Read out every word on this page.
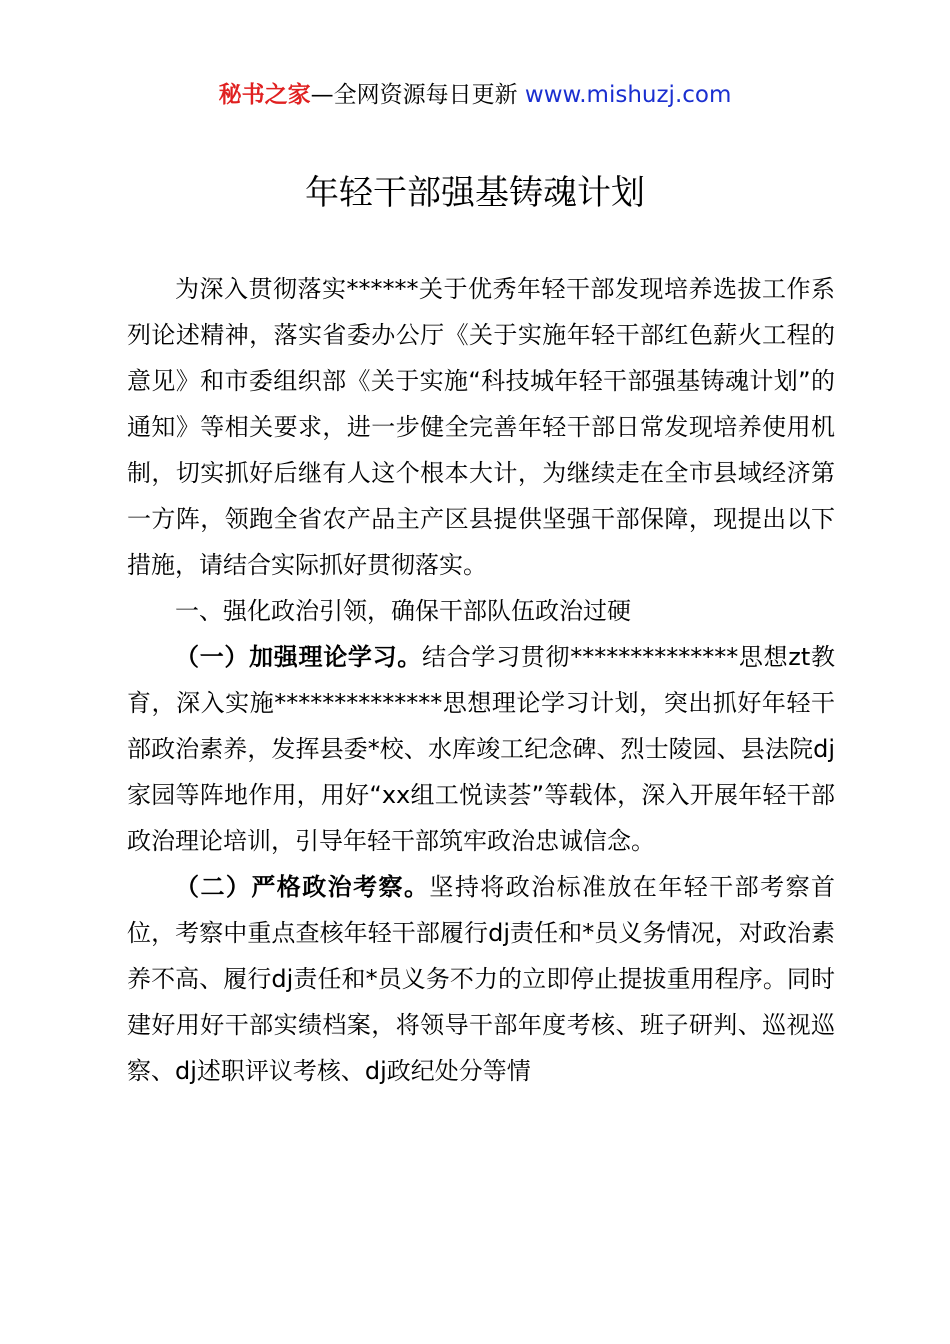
秘书之家—全网资源每日更新 www.mishuzj.com
年轻干部强基铸魂计划

为深入贯彻落实******关于优秀年轻干部发现培养选拔工作系列论述精神，落实省委办公厅《关于实施年轻干部红色薪火工程的意见》和市委组织部《关于实施“科技城年轻干部强基铸魂计划”的通知》等相关要求，进一步健全完善年轻干部日常发现培养使用机制，切实抓好后继有人这个根本大计，为继续走在全市县域经济第一方阵，领跑全省农产品主产区县提供坚强干部保障，现提出以下措施，请结合实际抓好贯彻落实。

一、强化政治引领，确保干部队伍政治过硬

（一）加强理论学习。结合学习贯彻**************思想zt教育，深入实施**************思想理论学习计划，突出抓好年轻干部政治素养，发挥县委*校、水库竣工纪念碑、烈士陵园、县法院dj家园等阵地作用，用好“xx组工悦读荟”等载体，深入开展年轻干部政治理论培训，引导年轻干部筑牢政治忠诚信念。

（二）严格政治考察。坚持将政治标准放在年轻干部考察首位，考察中重点查核年轻干部履行dj责任和*员义务情况，对政治素养不高、履行dj责任和*员义务不力的立即停止提拔重用程序。同时建好用好干部实绩档案，将领导干部年度考核、班子研判、巡视巡察、dj述职评议考核、dj政纪处分等情
